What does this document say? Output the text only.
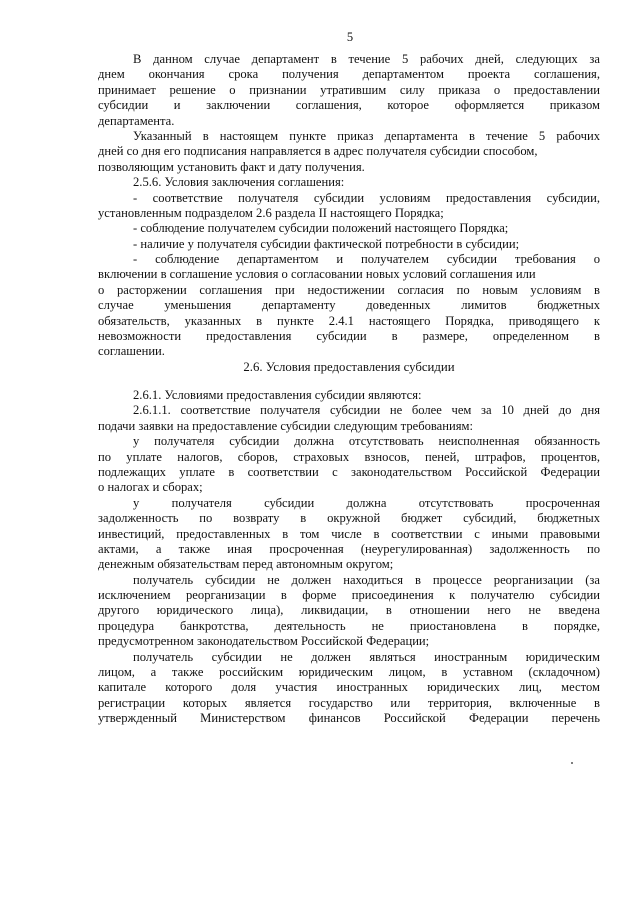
5
В данном случае департамент в течение 5 рабочих дней, следующих за
днем окончания срока получения департаментом проекта соглашения,
принимает решение о признании утратившим силу приказа о предоставлении
субсидии и заключении соглашения, которое оформляется приказом
департамента.
Указанный в настоящем пункте приказ департамента в течение 5 рабочих
дней со дня его подписания направляется в адрес получателя субсидии способом,
позволяющим установить факт и дату получения.
2.5.6. Условия заключения соглашения:
- соответствие получателя субсидии условиям предоставления субсидии,
установленным подразделом 2.6 раздела II настоящего Порядка;
- соблюдение получателем субсидии положений настоящего Порядка;
- наличие у получателя субсидии фактической потребности в субсидии;
- соблюдение департаментом и получателем субсидии требования о
включении в соглашение условия о согласовании новых условий соглашения или
о расторжении соглашения при недостижении согласия по новым условиям в
случае уменьшения департаменту доведенных лимитов бюджетных
обязательств, указанных в пункте 2.4.1 настоящего Порядка, приводящего к
невозможности предоставления субсидии в размере, определенном в
соглашении.
2.6. Условия предоставления субсидии
2.6.1. Условиями предоставления субсидии являются:
2.6.1.1. соответствие получателя субсидии не более чем за 10 дней до дня
подачи заявки на предоставление субсидии следующим требованиям:
у получателя субсидии должна отсутствовать неисполненная обязанность
по уплате налогов, сборов, страховых взносов, пеней, штрафов, процентов,
подлежащих уплате в соответствии с законодательством Российской Федерации
о налогах и сборах;
у получателя субсидии должна отсутствовать просроченная
задолженность по возврату в окружной бюджет субсидий, бюджетных
инвестиций, предоставленных в том числе в соответствии с иными правовыми
актами, а также иная просроченная (неурегулированная) задолженность по
денежным обязательствам перед автономным округом;
получатель субсидии не должен находиться в процессе реорганизации (за
исключением реорганизации в форме присоединения к получателю субсидии
другого юридического лица), ликвидации, в отношении него не введена
процедура банкротства, деятельность не приостановлена в порядке,
предусмотренном законодательством Российской Федерации;
получатель субсидии не должен являться иностранным юридическим
лицом, а также российским юридическим лицом, в уставном (складочном)
капитале которого доля участия иностранных юридических лиц, местом
регистрации которых является государство или территория, включенные в
утвержденный Министерством финансов Российской Федерации перечень
